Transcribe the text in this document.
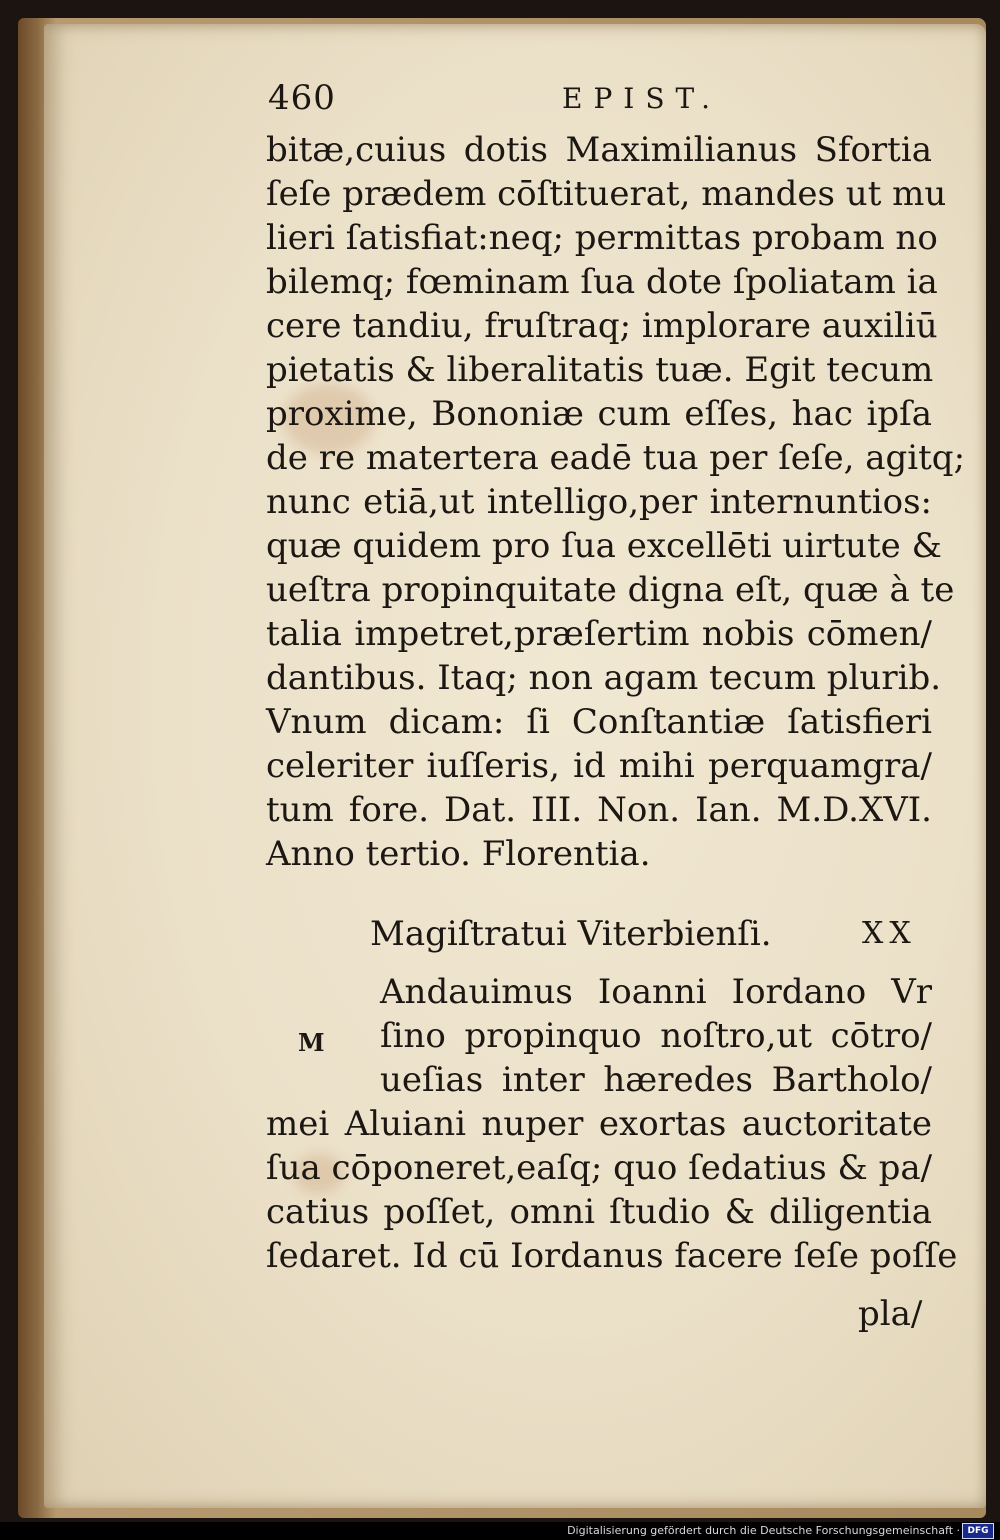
460	EPIST.
bitæ,cuius dotis Maximilianus Sfortia
ſeſe prædem cōſtituerat, mandes ut mu
lieri ſatisfiat:neq; permittas probam no
bilemq; fœminam ſua dote ſpoliatam ia
cere tandiu, fruſtraq; implorare auxiliū
pietatis & liberalitatis tuæ. Egit tecum
proxime, Bononiæ cum eſſes, hac ipſa
de re matertera eadē tua per ſeſe, agitq;
nunc etiā,ut intelligo,per internuntios:
quæ quidem pro ſua excellēti uirtute &
ueſtra propinquitate digna eſt, quæ à te
talia impetret,præſertim nobis cōmen/
dantibus. Itaq; non agam tecum plurib.
Vnum dicam: ſi Conſtantiæ ſatisfieri
celeriter iuſſeris, id mihi perquamgra/
tum fore. Dat. III. Non. Ian. M.D.XVI.
Anno tertio. Florentia.
Magiſtratui Viterbienſi.	XX
M
Andauimus Ioanni Iordano Vr
ſino propinquo noſtro,ut cōtro/
ueſias inter hæredes Bartholo/
mei Aluiani nuper exortas auctoritate
ſua cōponeret,eaſq; quo ſedatius & pa/
catius poſſet, omni ſtudio & diligentia
ſedaret. Id cū Iordanus facere ſeſe poſſe
pla/
Digitalisierung gefördert durch die Deutsche Forschungsgemeinschaft · DFG
